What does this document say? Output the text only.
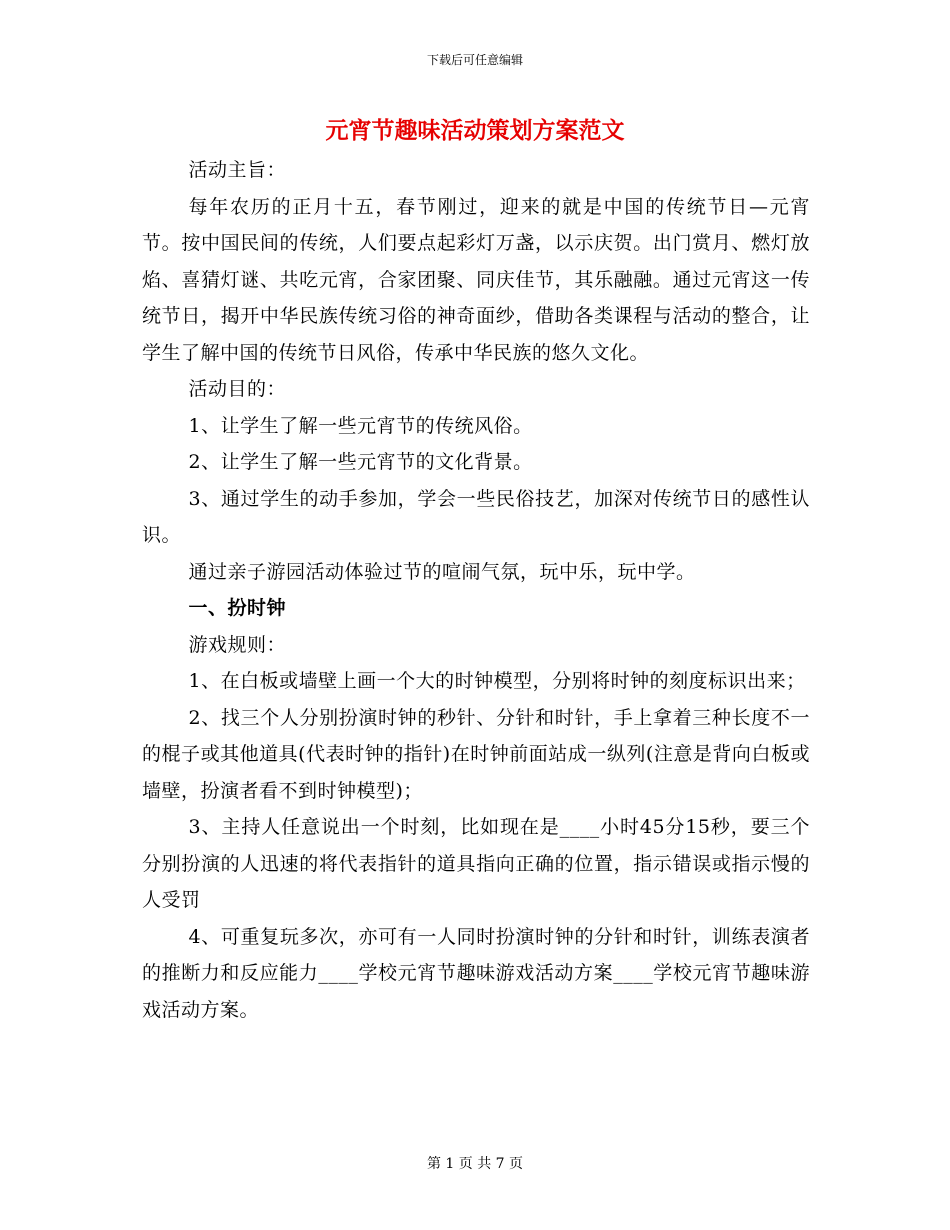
下载后可任意编辑
元宵节趣味活动策划方案范文

活动主旨：

每年农历的正月十五，春节刚过，迎来的就是中国的传统节日—元宵节。按中国民间的传统，人们要点起彩灯万盏，以示庆贺。出门赏月、燃灯放焰、喜猜灯谜、共吃元宵，合家团聚、同庆佳节，其乐融融。通过元宵这一传统节日，揭开中华民族传统习俗的神奇面纱，借助各类课程与活动的整合，让学生了解中国的传统节日风俗，传承中华民族的悠久文化。

活动目的：

1、让学生了解一些元宵节的传统风俗。

2、让学生了解一些元宵节的文化背景。

3、通过学生的动手参加，学会一些民俗技艺，加深对传统节日的感性认识。

通过亲子游园活动体验过节的喧闹气氛，玩中乐，玩中学。

一、扮时钟

游戏规则：

1、在白板或墙壁上画一个大的时钟模型，分别将时钟的刻度标识出来；

2、找三个人分别扮演时钟的秒针、分针和时针，手上拿着三种长度不一的棍子或其他道具(代表时钟的指针)在时钟前面站成一纵列(注意是背向白板或墙壁，扮演者看不到时钟模型)；

3、主持人任意说出一个时刻，比如现在是____小时45分15秒，要三个分别扮演的人迅速的将代表指针的道具指向正确的位置，指示错误或指示慢的人受罚

4、可重复玩多次，亦可有一人同时扮演时钟的分针和时针，训练表演者的推断力和反应能力____学校元宵节趣味游戏活动方案____学校元宵节趣味游戏活动方案。

第 1 页 共 7 页
